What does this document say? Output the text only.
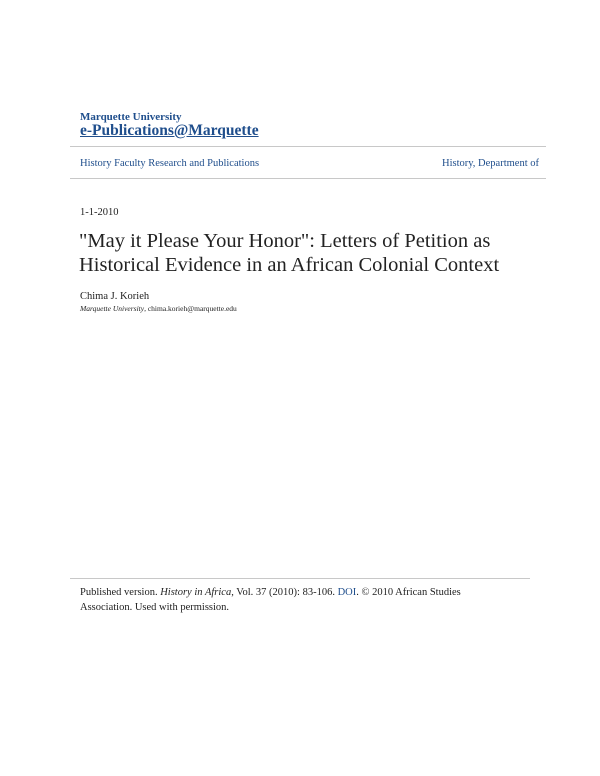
Marquette University
e-Publications@Marquette
History Faculty Research and Publications	History, Department of
1-1-2010
"May it Please Your Honor": Letters of Petition as Historical Evidence in an African Colonial Context
Chima J. Korieh
Marquette University, chima.korieh@marquette.edu
Published version. History in Africa, Vol. 37 (2010): 83-106. DOI. © 2010 African Studies Association. Used with permission.
